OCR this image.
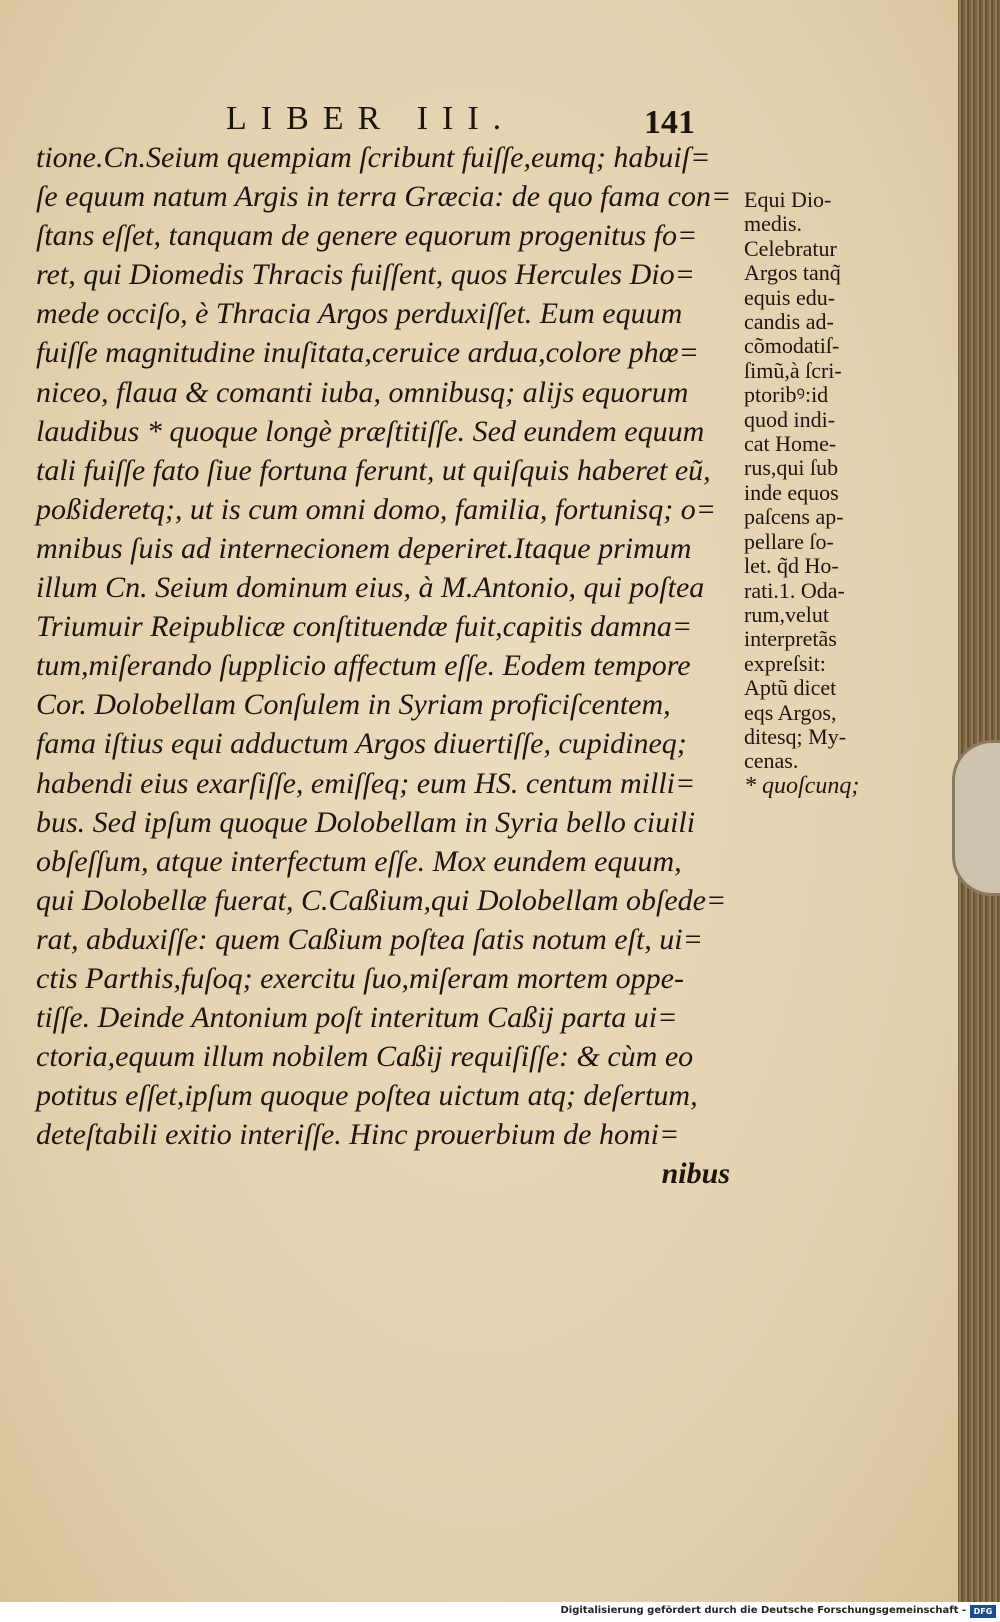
LIBER III.	141
tione.Cn.Seium quempiam ſcribunt fuiſſe,eumq; habuiſ=
ſe equum natum Argis in terra Græcia: de quo fama con=
ſtans eſſet, tanquam de genere equorum progenitus fo=
ret, qui Diomedis Thracis fuiſſent, quos Hercules Dio=
mede occiſo, è Thracia Argos perduxiſſet. Eum equum
fuiſſe magnitudine inuſitata,ceruice ardua,colore phœ=
niceo, flaua & comanti iuba, omnibusq; alijs equorum
laudibus * quoque longè præſtitiſſe. Sed eundem equum
tali fuiſſe fato ſiue fortuna ferunt, ut quiſquis haberet eũ,
poßideretq;, ut is cum omni domo, familia, fortunisq; o=
mnibus ſuis ad internecionem deperiret.Itaque primum
illum Cn. Seium dominum eius, à M.Antonio, qui poſtea
Triumuir Reipublicæ conſtituendæ fuit,capitis damna=
tum,miſerando ſupplicio affectum eſſe. Eodem tempore
Cor. Dolobellam Conſulem in Syriam proficiſcentem,
fama iſtius equi adductum Argos diuertiſſe, cupidineq;
habendi eius exarſiſſe, emiſſeq; eum HS. centum milli=
bus. Sed ipſum quoque Dolobellam in Syria bello ciuili
obſeſſum, atque interfectum eſſe. Mox eundem equum,
qui Dolobellæ fuerat, C.Caßium,qui Dolobellam obſede=
rat, abduxiſſe: quem Caßium poſtea ſatis notum eſt, ui=
ctis Parthis,fuſoq; exercitu ſuo,miſeram mortem oppe-
tiſſe. Deinde Antonium poſt interitum Caßij parta ui=
ctoria,equum illum nobilem Caßij requiſiſſe: & cùm eo
potitus eſſet,ipſum quoque poſtea uictum atq; deſertum,
deteſtabili exitio interiſſe. Hinc prouerbium de homi=
nibus
Equi Dio-
medis.
Celebratur
Argos tanq̃
equis edu-
candis ad-
cõmodatiſ-
ſimũ,à ſcri-
ptoribꝰ:id
quod indi-
cat Home-
rus,qui ſub
inde equos
paſcens ap-
pellare ſo-
let. q̃d Ho-
rati.1. Oda-
rum,velut
interpretãs
expreſsit:
Aptũ dicet
eqs Argos,
ditesq; My-
cenas.
* quoſcunq;
Digitalisierung gefördert durch die Deutsche Forschungsgemeinschaft - DFG
